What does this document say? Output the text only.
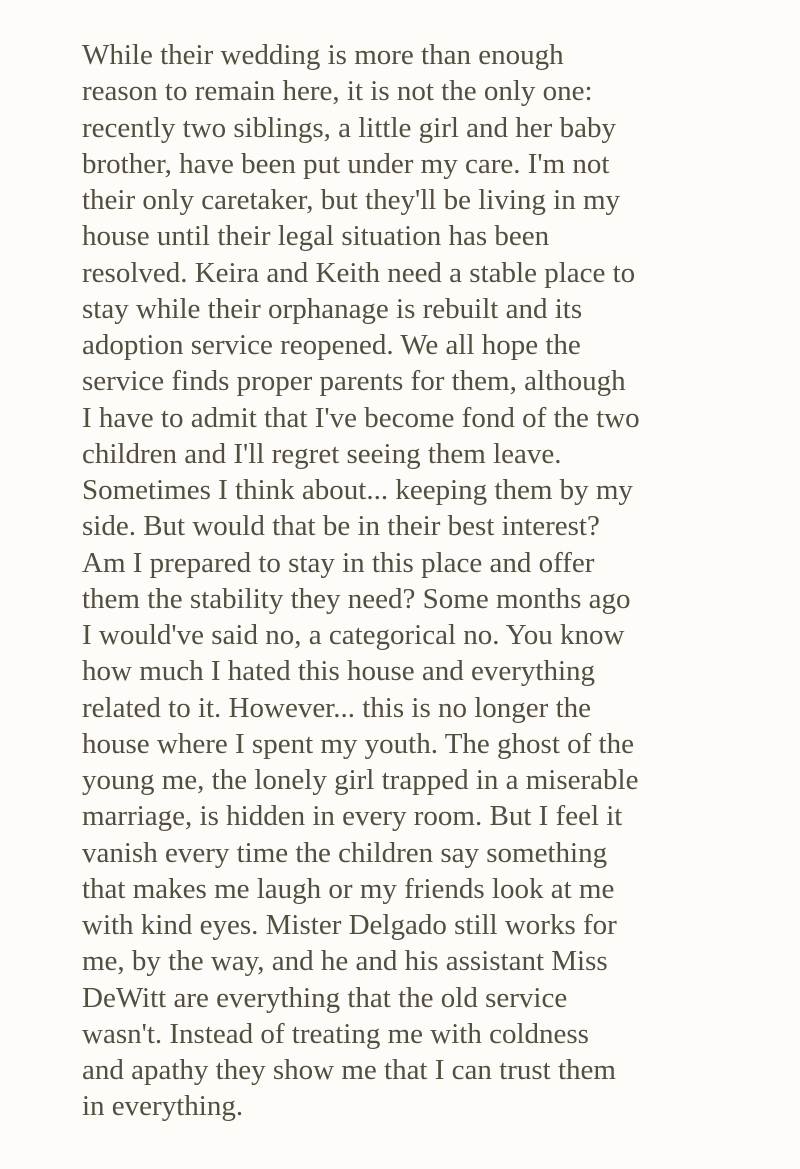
While their wedding is more than enough
reason to remain here, it is not the only one:
recently two siblings, a little girl and her baby
brother, have been put under my care. I'm not
their only caretaker, but they'll be living in my
house until their legal situation has been
resolved. Keira and Keith need a stable place to
stay while their orphanage is rebuilt and its
adoption service reopened. We all hope the
service finds proper parents for them, although
I have to admit that I've become fond of the two
children and I'll regret seeing them leave.
Sometimes I think about... keeping them by my
side. But would that be in their best interest?
Am I prepared to stay in this place and offer
them the stability they need? Some months ago
I would've said no, a categorical no. You know
how much I hated this house and everything
related to it. However... this is no longer the
house where I spent my youth. The ghost of the
young me, the lonely girl trapped in a miserable
marriage, is hidden in every room. But I feel it
vanish every time the children say something
that makes me laugh or my friends look at me
with kind eyes. Mister Delgado still works for
me, by the way, and he and his assistant Miss
DeWitt are everything that the old service
wasn't. Instead of treating me with coldness
and apathy they show me that I can trust them
in everything.
